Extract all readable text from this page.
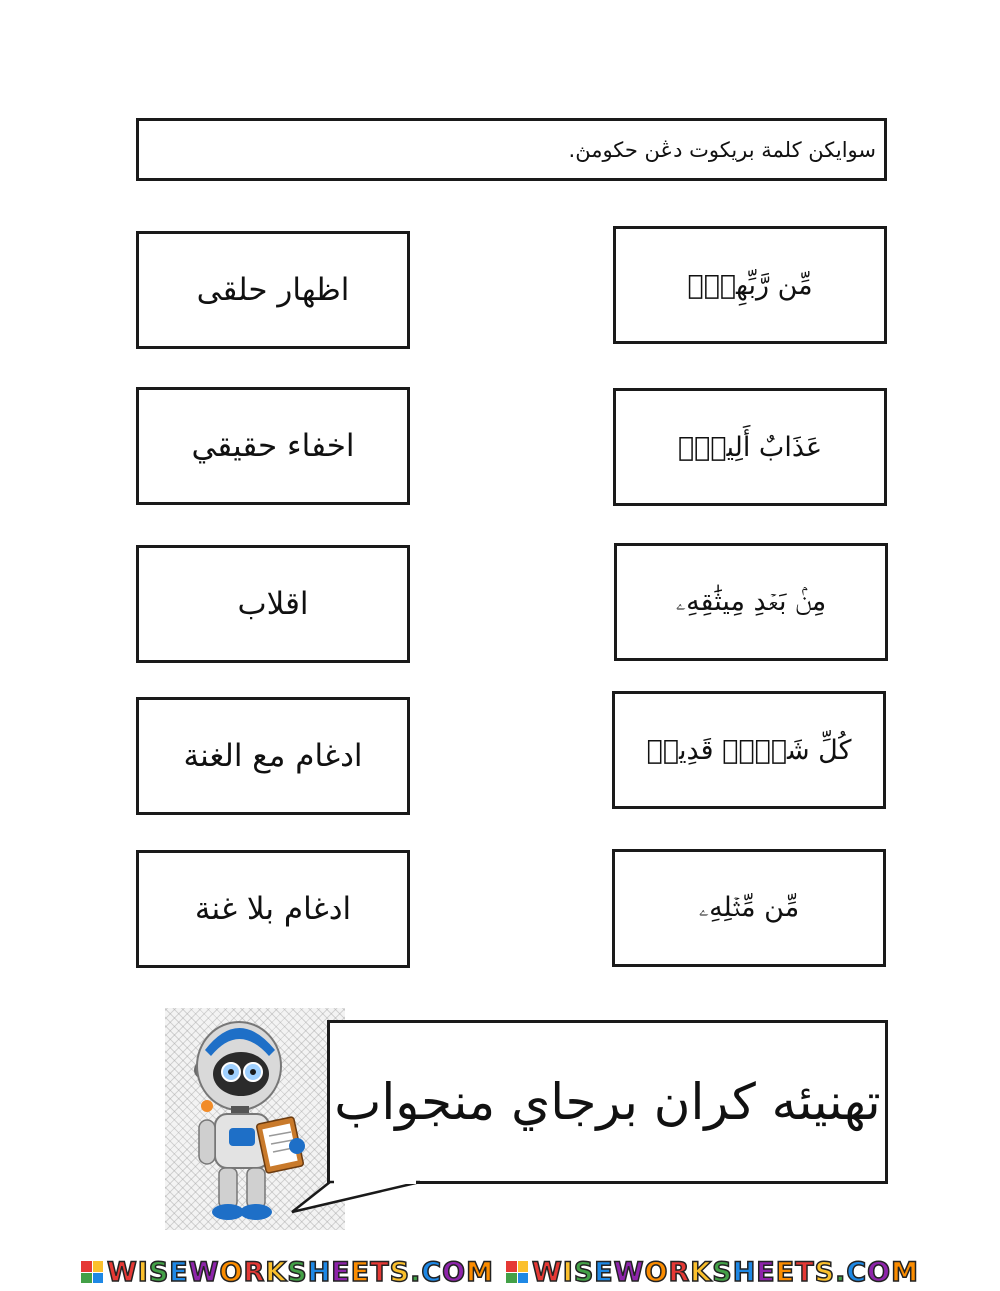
سوايكن كلمة بريكوت دڠن حکومڽ.
اظهار حلقى
اخفاء حقيقي
اقلاب
ادغام مع الغنة
ادغام بلا غنة
مِّن رَّبِّهِمۡۖ
عَذَابٌ أَلِيمُۢ
مِنۢ بَعۡدِ مِيثَٰقِهِۦ
كُلِّ شَيۡءٖ قَدِيرٞ
مِّن مِّثۡلِهِۦ
تهنيئه كران برجاي منجواب
WISEWORKSHEETS.COM WISEWORKSHEETS.COM
